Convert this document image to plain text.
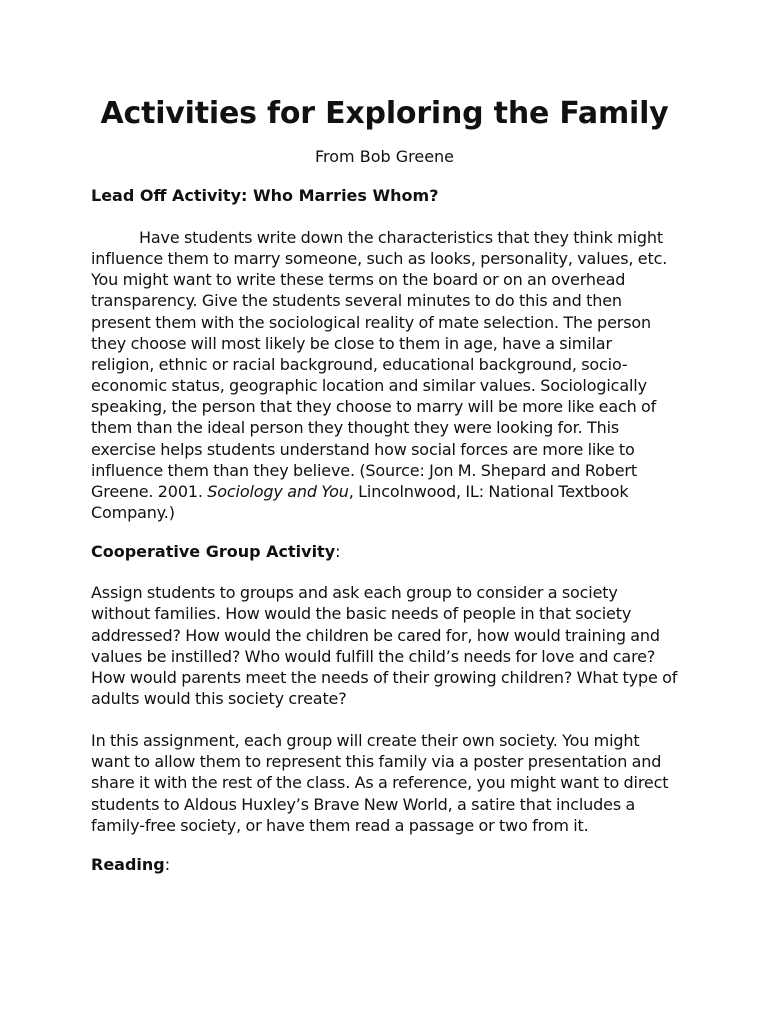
Activities for Exploring the Family
From Bob Greene
Lead Off Activity: Who Marries Whom?

Have students write down the characteristics that they think might influence them to marry someone, such as looks, personality, values, etc. You might want to write these terms on the board or on an overhead transparency. Give the students several minutes to do this and then present them with the sociological reality of mate selection. The person they choose will most likely be close to them in age, have a similar religion, ethnic or racial background, educational background, socio-economic status, geographic location and similar values. Sociologically speaking, the person that they choose to marry will be more like each of them than the ideal person they thought they were looking for. This exercise helps students understand how social forces are more like to influence them than they believe. (Source: Jon M. Shepard and Robert Greene. 2001. Sociology and You, Lincolnwood, IL: National Textbook Company.)

Cooperative Group Activity:

Assign students to groups and ask each group to consider a society without families. How would the basic needs of people in that society addressed? How would the children be cared for, how would training and values be instilled? Who would fulfill the child’s needs for love and care? How would parents meet the needs of their growing children? What type of adults would this society create?

In this assignment, each group will create their own society. You might want to allow them to represent this family via a poster presentation and share it with the rest of the class. As a reference, you might want to direct students to Aldous Huxley’s Brave New World, a satire that includes a family-free society, or have them read a passage or two from it.

Reading:
